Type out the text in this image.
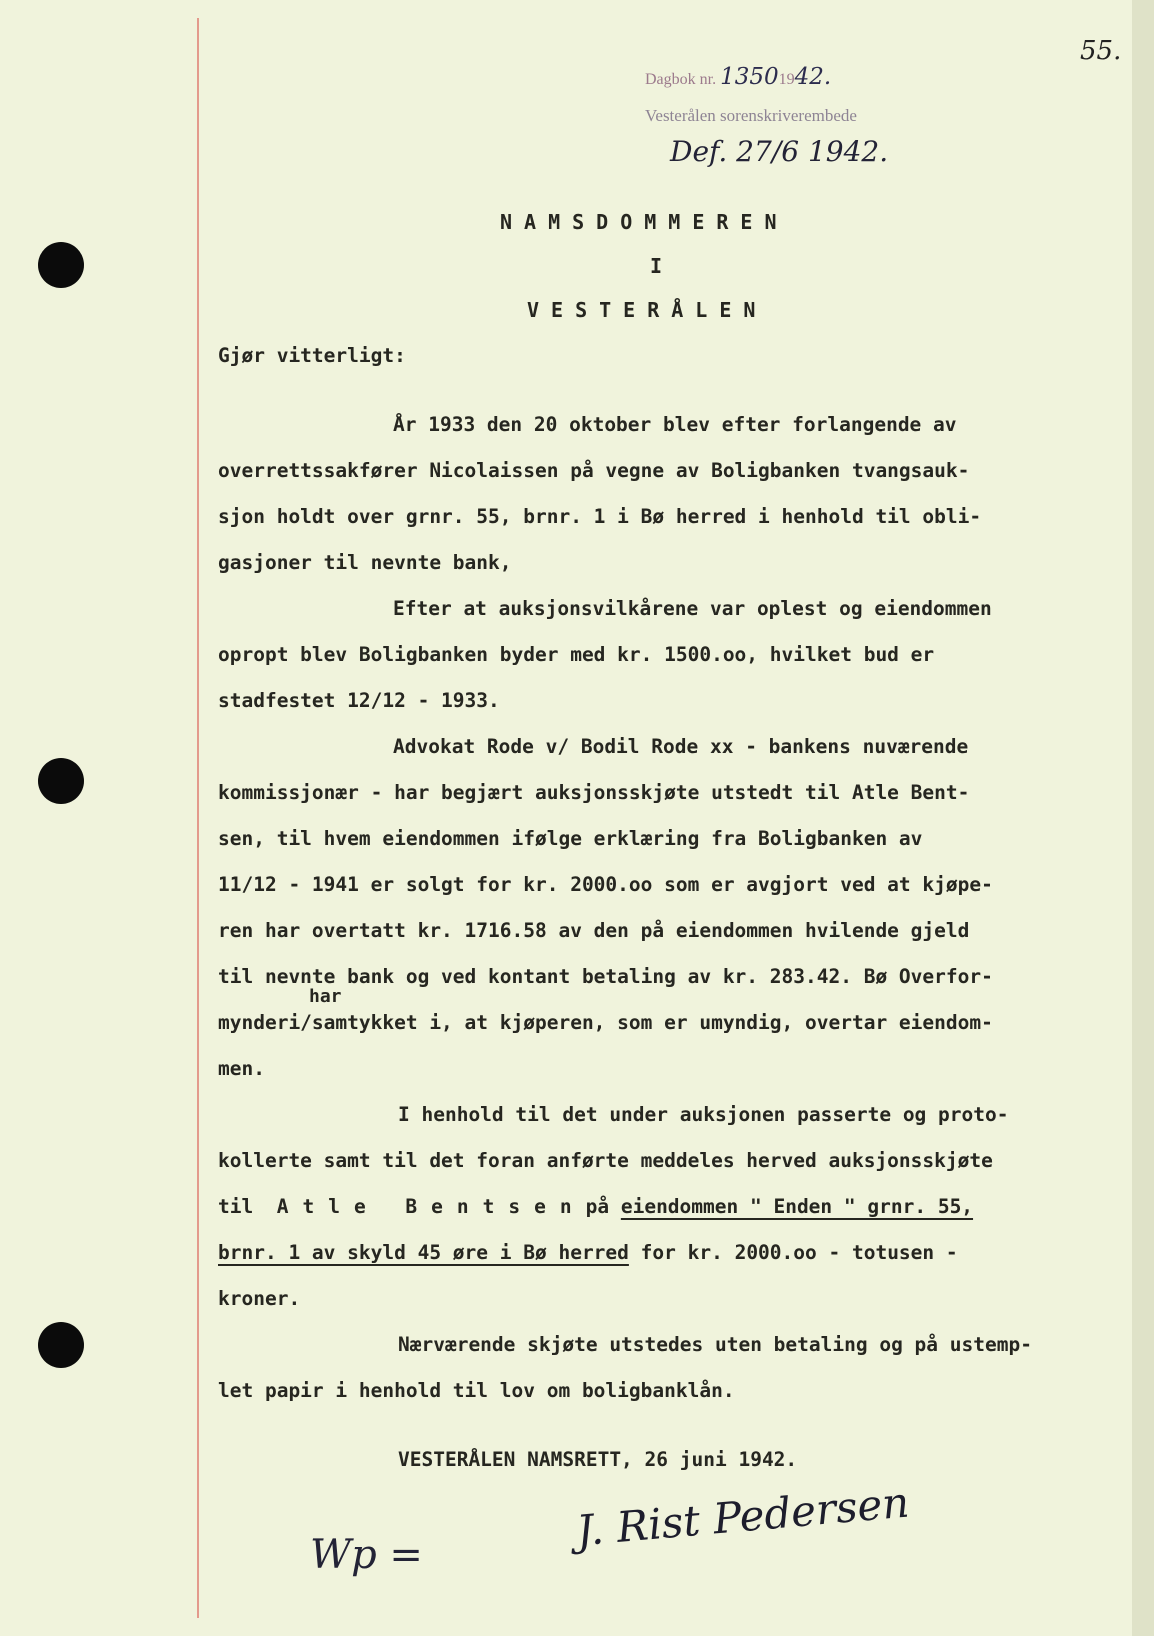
55.
Dagbok nr. 13501942.
Vesterålen sorenskriverembede
Def. 27/6 1942.
NAMSDOMMEREN
I
VESTERÅLEN
Gjør vitterligt:
År 1933 den 20 oktober blev efter forlangende av
overrettssakfører Nicolaissen på vegne av Boligbanken tvangsauk-
sjon holdt over grnr. 55, brnr. 1 i Bø herred i henhold til obli-
gasjoner til nevnte bank,
Efter at auksjonsvilkårene var oplest og eiendommen
opropt blev Boligbanken byder med kr. 1500.oo, hvilket bud er
stadfestet 12/12 - 1933.
Advokat Rode v/ Bodil Rode xx - bankens nuværende
kommissjonær - har begjært auksjonsskjøte utstedt til Atle Bent-
sen, til hvem eiendommen ifølge erklæring fra Boligbanken av
11/12 - 1941 er solgt for kr. 2000.oo som er avgjort ved at kjøpe-
ren har overtatt kr. 1716.58 av den på eiendommen hvilende gjeld
til nevnte bank og ved kontant betaling av kr. 283.42. Bø Overfor-
har
mynderi/samtykket i, at kjøperen, som er umyndig, overtar eiendom-
men.
I henhold til det under auksjonen passerte og proto-
kollerte samt til det foran anførte meddeles herved auksjonsskjøte
til Atle Bentsenpå eiendommen " Enden " grnr. 55,
brnr. 1 av skyld 45 øre i Bø herred for kr. 2000.oo - totusen -
kroner.
Nærværende skjøte utstedes uten betaling og på ustemp-
let papir i henhold til lov om boligbanklån.
VESTERÅLEN NAMSRETT, 26 juni 1942.
J. Rist Pedersen
Wp =
